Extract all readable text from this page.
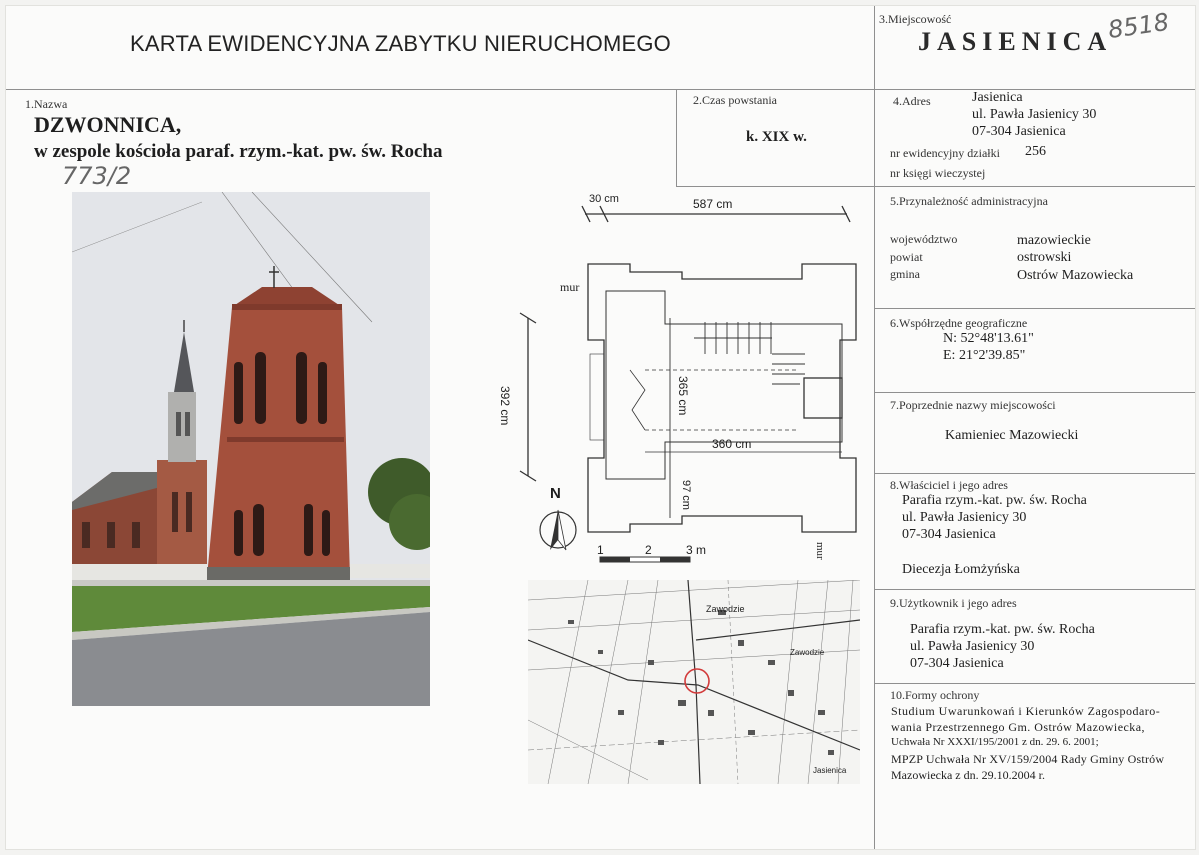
KARTA EWIDENCYJNA ZABYTKU NIERUCHOMEGO
3.Miejscowość
JASIENICA
8518
1.Nazwa
DZWONNICA,
w zespole kościoła paraf. rzym.-kat. pw. św. Rocha
773/2
2.Czas powstania
k. XIX w.
4.Adres	Jasienica
ul. Pawła Jasienicy 30
07-304 Jasienica
nr ewidencyjny działki 256
nr księgi wieczystej
5.Przynależność administracyjna
województwo	mazowieckie
powiat	ostrowski
gmina	Ostrów Mazowiecka
6.Współrzędne geograficzne
N: 52°48'13.61"
E: 21°2'39.85"
7.Poprzednie nazwy miejscowości
Kamieniec Mazowiecki
8.Właściciel i jego adres
Parafia rzym.-kat. pw. św. Rocha
ul. Pawła Jasienicy 30
07-304 Jasienica
Diecezja Łomżyńska
9.Użytkownik i jego adres
Parafia rzym.-kat. pw. św. Rocha
ul. Pawła Jasienicy 30
07-304 Jasienica
10.Formy ochrony
Studium Uwarunkowań i Kierunków Zagospodaro-
wania Przestrzennego Gm. Ostrów Mazowiecka,
Uchwała Nr XXXI/195/2001 z dn. 29. 6. 2001;
MPZP Uchwała Nr XV/159/2004 Rady Gminy Ostrów
Mazowiecka z dn. 29.10.2004 r.
30 cm	587 cm
392 cm	365 cm
360 cm
97 cm
mur
mur
N
1	2	3 m
Zawodzie
Zawodzie
Jasienica
